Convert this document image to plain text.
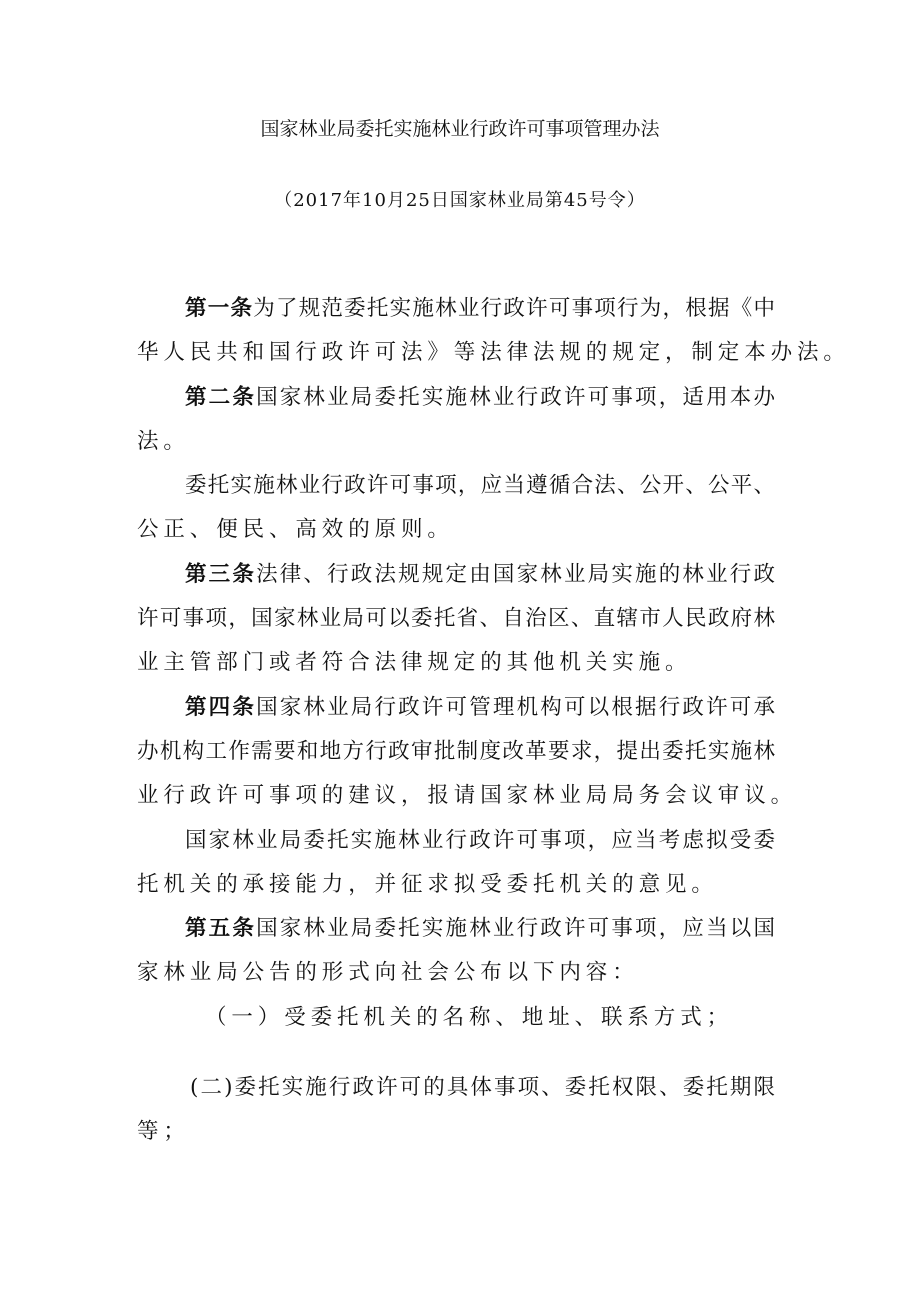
国家林业局委托实施林业行政许可事项管理办法
（2017年10月25日国家林业局第45号令）
第一条为了规范委托实施林业行政许可事项行为，根据《中
华人民共和国行政许可法》等法律法规的规定，制定本办法。
第二条国家林业局委托实施林业行政许可事项，适用本办
法。
委托实施林业行政许可事项，应当遵循合法、公开、公平、
公正、便民、高效的原则。
第三条法律、行政法规规定由国家林业局实施的林业行政
许可事项，国家林业局可以委托省、自治区、直辖市人民政府林
业主管部门或者符合法律规定的其他机关实施。
第四条国家林业局行政许可管理机构可以根据行政许可承
办机构工作需要和地方行政审批制度改革要求，提出委托实施林
业行政许可事项的建议，报请国家林业局局务会议审议。
国家林业局委托实施林业行政许可事项，应当考虑拟受委
托机关的承接能力，并征求拟受委托机关的意见。
第五条国家林业局委托实施林业行政许可事项，应当以国
家林业局公告的形式向社会公布以下内容：
（一）受委托机关的名称、地址、联系方式；
(二)委托实施行政许可的具体事项、委托权限、委托期限
等；
